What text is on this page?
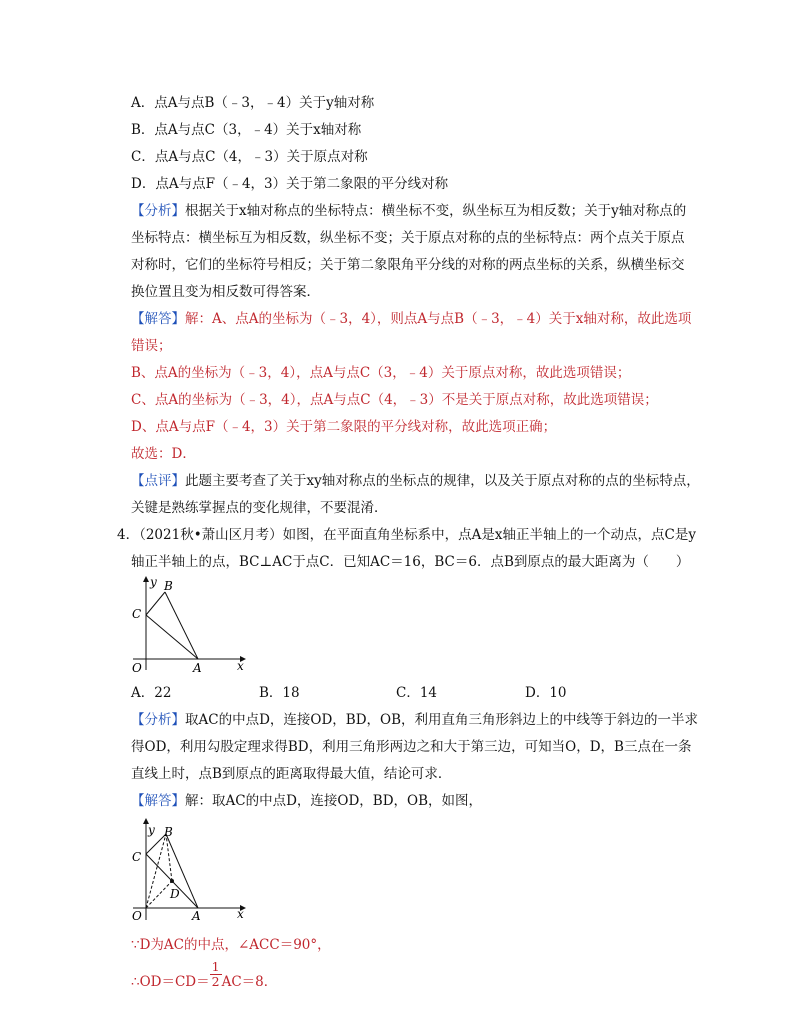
A．点A与点B（﹣3，﹣4）关于y轴对称
B．点A与点C（3，﹣4）关于x轴对称
C．点A与点C（4，﹣3）关于原点对称
D．点A与点F（﹣4，3）关于第二象限的平分线对称
【分析】根据关于x轴对称点的坐标特点：横坐标不变，纵坐标互为相反数；关于y轴对称点的
坐标特点：横坐标互为相反数，纵坐标不变；关于原点对称的点的坐标特点：两个点关于原点
对称时，它们的坐标符号相反；关于第二象限角平分线的对称的两点坐标的关系，纵横坐标交
换位置且变为相反数可得答案．
【解答】解：A、点A的坐标为（﹣3，4），则点A与点B（﹣3，﹣4）关于x轴对称，故此选项
错误；
B、点A的坐标为（﹣3，4），点A与点C（3，﹣4）关于原点对称，故此选项错误；
C、点A的坐标为（﹣3，4），点A与点C（4，﹣3）不是关于原点对称，故此选项错误；
D、点A与点F（﹣4，3）关于第二象限的平分线对称，故此选项正确；
故选：D．
【点评】此题主要考查了关于xy轴对称点的坐标点的规律，以及关于原点对称的点的坐标特点，
关键是熟练掌握点的变化规律，不要混淆．
4．（2021秋•萧山区月考）如图，在平面直角坐标系中，点A是x轴正半轴上的一个动点，点C是y
轴正半轴上的点，BC⊥AC于点C．已知AC＝16，BC＝6．点B到原点的最大距离为（　　）
y B
C
O	A	x
A．22	B．18	C．14	D．10
【分析】取AC的中点D，连接OD，BD，OB，利用直角三角形斜边上的中线等于斜边的一半求
得OD，利用勾股定理求得BD，利用三角形两边之和大于第三边，可知当O，D，B三点在一条
直线上时，点B到原点的距离取得最大值，结论可求．
【解答】解：取AC的中点D，连接OD，BD，OB，如图，
y B
C
D
O	A	x
∵D为AC的中点，∠ACC＝90°，
∴OD＝CD＝ $\frac{1}{2} AC=8$．
